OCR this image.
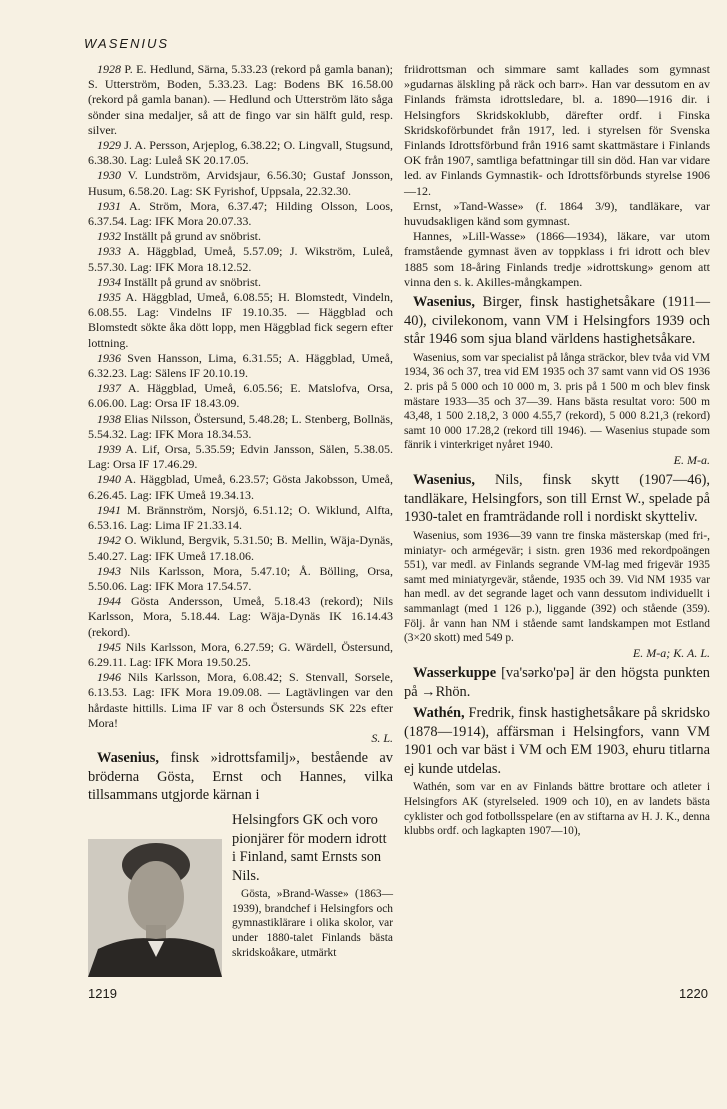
WASENIUS

1928 P. E. Hedlund, Särna, 5.33.23 (rekord på gamla banan); S. Utterström, Boden, 5.33.23. Lag: Bodens BK 16.58.00 (rekord på gamla banan). — Hedlund och Utterström läto såga sönder sina medaljer, så att de fingo var sin hälft guld, resp. silver.

1929 J. A. Persson, Arjeplog, 6.38.22; O. Lingvall, Stugsund, 6.38.30. Lag: Luleå SK 20.17.05.

1930 V. Lundström, Arvidsjaur, 6.56.30; Gustaf Jonsson, Husum, 6.58.20. Lag: SK Fyrishof, Uppsala, 22.32.30.

1931 A. Ström, Mora, 6.37.47; Hilding Olsson, Loos, 6.37.54. Lag: IFK Mora 20.07.33.

1932 Inställt på grund av snöbrist.

1933 A. Häggblad, Umeå, 5.57.09; J. Wikström, Luleå, 5.57.30. Lag: IFK Mora 18.12.52.

1934 Inställt på grund av snöbrist.

1935 A. Häggblad, Umeå, 6.08.55; H. Blomstedt, Vindeln, 6.08.55. Lag: Vindelns IF 19.10.35. — Häggblad och Blomstedt sökte åka dött lopp, men Häggblad fick segern efter lottning.

1936 Sven Hansson, Lima, 6.31.55; A. Häggblad, Umeå, 6.32.23. Lag: Sälens IF 20.10.19.

1937 A. Häggblad, Umeå, 6.05.56; E. Matslofva, Orsa, 6.06.00. Lag: Orsa IF 18.43.09.

1938 Elias Nilsson, Östersund, 5.48.28; L. Stenberg, Bollnäs, 5.54.32. Lag: IFK Mora 18.34.53.

1939 A. Lif, Orsa, 5.35.59; Edvin Jansson, Sälen, 5.38.05. Lag: Orsa IF 17.46.29.

1940 A. Häggblad, Umeå, 6.23.57; Gösta Jakobsson, Umeå, 6.26.45. Lag: IFK Umeå 19.34.13.

1941 M. Brännström, Norsjö, 6.51.12; O. Wiklund, Alfta, 6.53.16. Lag: Lima IF 21.33.14.

1942 O. Wiklund, Bergvik, 5.31.50; B. Mellin, Wäja-Dynäs, 5.40.27. Lag: IFK Umeå 17.18.06.

1943 Nils Karlsson, Mora, 5.47.10; Å. Bölling, Orsa, 5.50.06. Lag: IFK Mora 17.54.57.

1944 Gösta Andersson, Umeå, 5.18.43 (rekord); Nils Karlsson, Mora, 5.18.44. Lag: Wäja-Dynäs IK 16.14.43 (rekord).

1945 Nils Karlsson, Mora, 6.27.59; G. Wärdell, Östersund, 6.29.11. Lag: IFK Mora 19.50.25.

1946 Nils Karlsson, Mora, 6.08.42; S. Stenvall, Sorsele, 6.13.53. Lag: IFK Mora 19.09.08. — Lagtävlingen var den hårdaste hittills. Lima IF var 8 och Östersunds SK 22s efter Mora!

S. L.

Wasenius, finsk »idrottsfamilj», bestående av bröderna Gösta, Ernst och Hannes, vilka tillsammans utgjorde kärnan i

Helsingfors GK och voro pionjärer för modern idrott i Finland, samt Ernsts son Nils.

Gösta, »Brand-Wasse» (1863—1939), brandchef i Helsingfors och gymnastiklärare i olika skolor, var under 1880-talet Finlands bästa skridskoåkare, utmärkt

friidrottsman och simmare samt kallades som gymnast »gudarnas älskling på räck och barr». Han var dessutom en av Finlands främsta idrottsledare, bl. a. 1890—1916 dir. i Helsingfors Skridskoklubb, därefter ordf. i Finska Skridskoförbundet från 1917, led. i styrelsen för Svenska Finlands Idrottsförbund från 1916 samt skattmästare i Finlands OK från 1907, samtliga befattningar till sin död. Han var vidare led. av Finlands Gymnastik- och Idrottsförbunds styrelse 1906—12.

Ernst, »Tand-Wasse» (f. 1864 3/9), tandläkare, var huvudsakligen känd som gymnast.

Hannes, »Lill-Wasse» (1866—1934), läkare, var utom framstående gymnast även av toppklass i fri idrott och blev 1885 som 18-åring Finlands tredje »idrottskung» genom att vinna den s. k. Akilles-mångkampen.

Wasenius, Birger, finsk hastighetsåkare (1911—40), civilekonom, vann VM i Helsingfors 1939 och står 1946 som sjua bland världens hastighetsåkare.

Wasenius, som var specialist på långa sträckor, blev tvåa vid VM 1934, 36 och 37, trea vid EM 1935 och 37 samt vann vid OS 1936 2. pris på 5 000 och 10 000 m, 3. pris på 1 500 m och blev finsk mästare 1933—35 och 37—39. Hans bästa resultat voro: 500 m 43,48, 1 500 2.18,2, 3 000 4.55,7 (rekord), 5 000 8.21,3 (rekord) samt 10 000 17.28,2 (rekord till 1946). — Wasenius stupade som fänrik i vinterkriget nyåret 1940.

E. M-a.

Wasenius, Nils, finsk skytt (1907—46), tandläkare, Helsingfors, son till Ernst W., spelade på 1930-talet en framträdande roll i nordiskt skytteliv.

Wasenius, som 1936—39 vann tre finska mästerskap (med fri-, miniatyr- och armégevär; i sistn. gren 1936 med rekordpoängen 551), var medl. av Finlands segrande VM-lag med frigevär 1935 samt med miniatyrgevär, stående, 1935 och 39. Vid NM 1935 var han medl. av det segrande laget och vann dessutom individuellt i sammanlagt (med 1 126 p.), liggande (392) och stående (359). Följ. år vann han NM i stående samt landskampen mot Estland (3×20 skott) med 549 p.

E. M-a; K. A. L.

Wasserkuppe [va'sərko'pə] är den högsta punkten på →Rhön.

Wathén, Fredrik, finsk hastighetsåkare på skridsko (1878—1914), affärsman i Helsingfors, vann VM 1901 och var bäst i VM och EM 1903, ehuru titlarna ej kunde utdelas.

Wathén, som var en av Finlands bättre brottare och atleter i Helsingfors AK (styrelseled. 1909 och 10), en av landets bästa cyklister och god fotbollsspelare (en av stiftarna av H. J. K., denna klubbs ordf. och lagkapten 1907—10),

1219	1220
